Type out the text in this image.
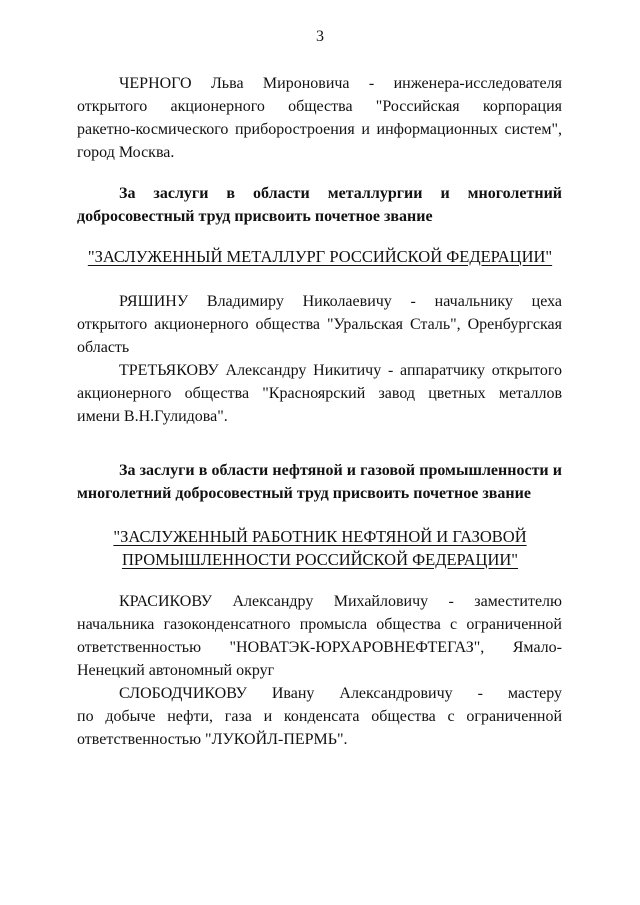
3
ЧЕРНОГО Льва Мироновича - инженера-исследователя
открытого акционерного общества "Российская корпорация
ракетно-космического приборостроения и информационных систем",
город Москва.
За заслуги в области металлургии и многолетний
добросовестный труд присвоить почетное звание
"ЗАСЛУЖЕННЫЙ МЕТАЛЛУРГ РОССИЙСКОЙ ФЕДЕРАЦИИ"
РЯШИНУ Владимиру Николаевичу - начальнику цеха
открытого акционерного общества "Уральская Сталь", Оренбургская
область
ТРЕТЬЯКОВУ Александру Никитичу - аппаратчику открытого
акционерного общества "Красноярский завод цветных металлов
имени В.Н.Гулидова".
За заслуги в области нефтяной и газовой промышленности и
многолетний добросовестный труд присвоить почетное звание
"ЗАСЛУЖЕННЫЙ РАБОТНИК НЕФТЯНОЙ И ГАЗОВОЙ
ПРОМЫШЛЕННОСТИ РОССИЙСКОЙ ФЕДЕРАЦИИ"
КРАСИКОВУ Александру Михайловичу - заместителю
начальника газоконденсатного промысла общества с ограниченной
ответственностью "НОВАТЭК-ЮРХАРОВНЕФТЕГАЗ", Ямало-
Ненецкий автономный округ
СЛОБОДЧИКОВУ Ивану Александровичу - мастеру
по добыче нефти, газа и конденсата общества с ограниченной
ответственностью "ЛУКОЙЛ-ПЕРМЬ".
